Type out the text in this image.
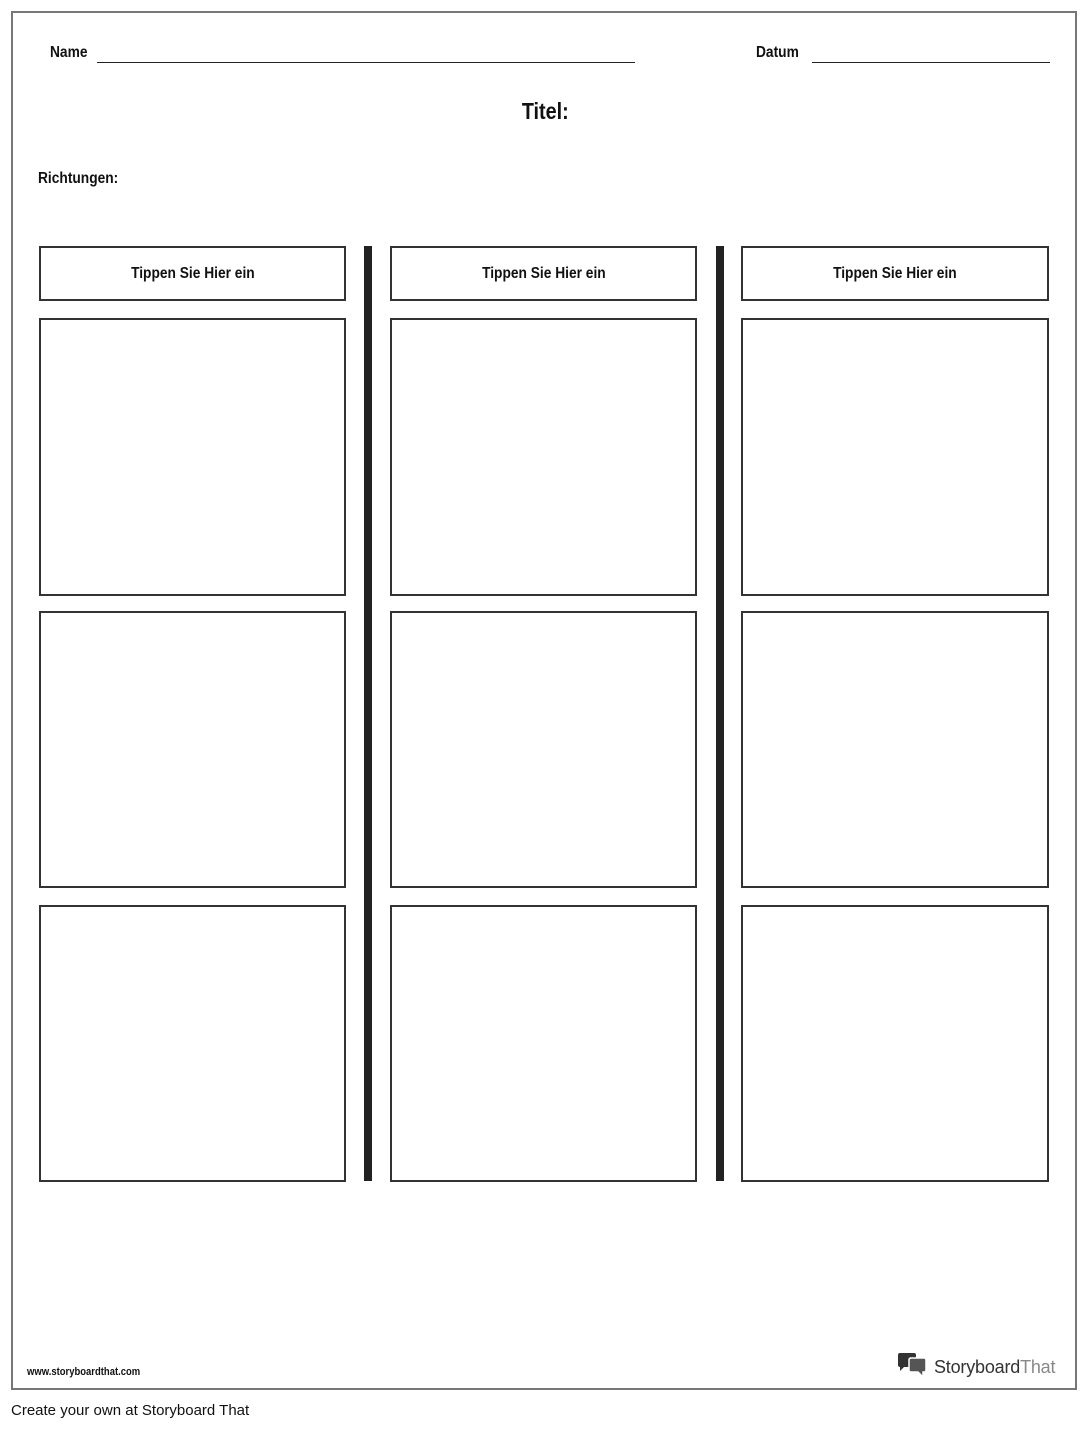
Name	Datum
Titel:
Richtungen:
Tippen Sie Hier ein	Tippen Sie Hier ein	Tippen Sie Hier ein
www.storyboardthat.com	StoryboardThat
Create your own at Storyboard That
